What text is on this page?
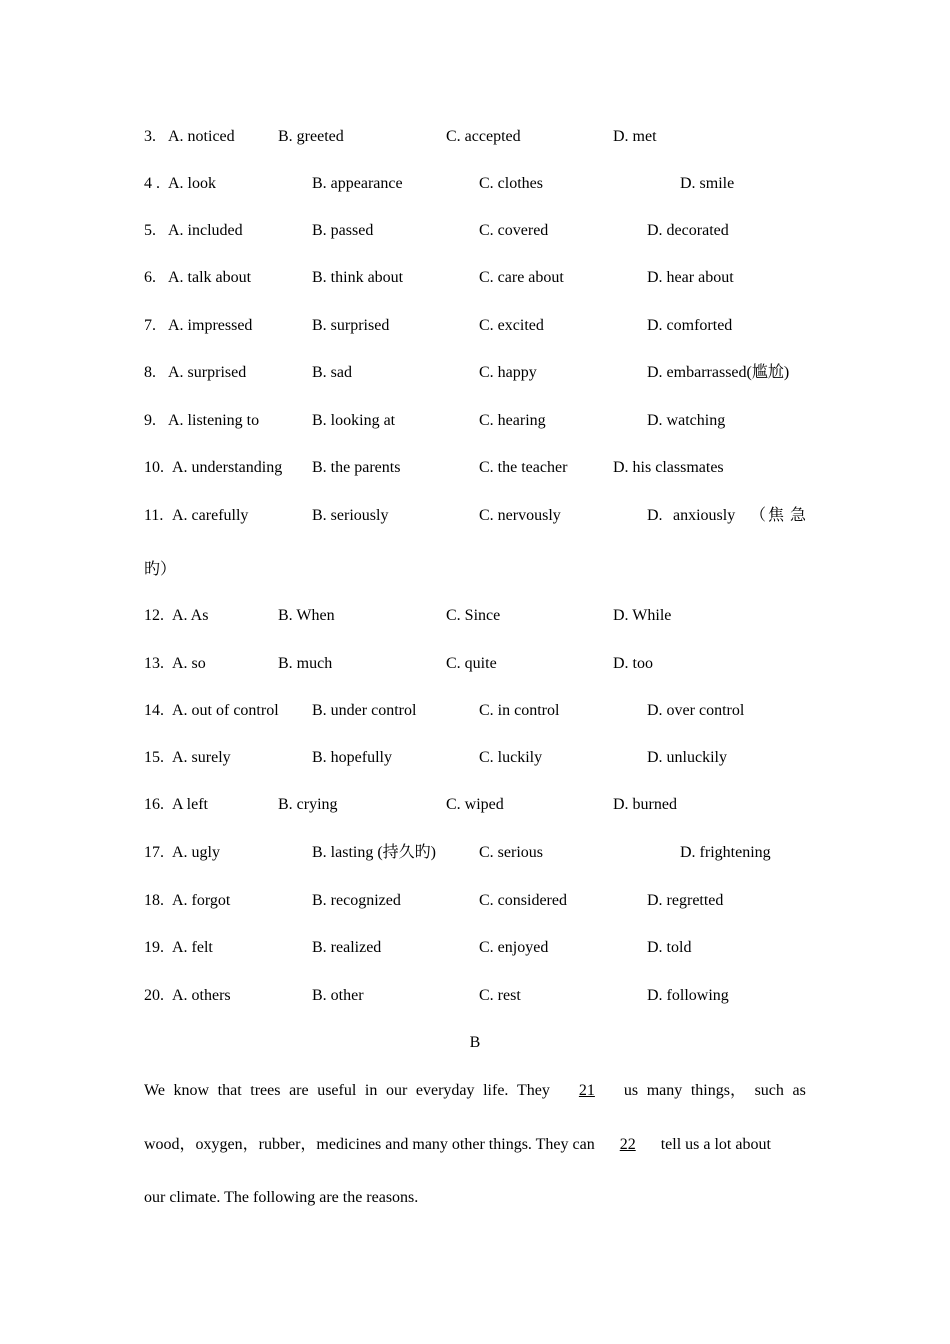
3. A. noticed	B. greeted	C. accepted	D. met
4 . A. look	B. appearance	C. clothes	D. smile
5. A. included	B. passed	C. covered	D. decorated
6. A. talk about	B. think about	C. care about	D. hear about
7. A. impressed	B. surprised	C. excited	D. comforted
8. A. surprised	B. sad	C. happy	D. embarrassed(尴尬)
9. A. listening to	B. looking at	C. hearing	D. watching
10. A. understanding B. the parents	C. the teacher	D. his classmates
11. A. carefully	B. seriously	C. nervously	D. anxiously （ 焦 急
旳）
12. A. As	B. When	C. Since	D. While
13. A. so	B. much	C. quite	D. too
14. A. out of control B. under control	C. in control	D. over control
15. A. surely	B. hopefully	C. luckily	D. unluckily
16. A left	B. crying	C. wiped	D. burned
17. A. ugly	B. lasting (持久旳)	C. serious	D. frightening
18. A. forgot	B. recognized	C. considered	D. regretted
19. A. felt	B. realized	C. enjoyed	D. told
20. A. others	B. other	C. rest	D. following
B
We know that trees are useful in our everyday life. They 21 us many things， such as
wood，oxygen，rubber，medicines and many other things. They can 22 tell us a lot about
our climate. The following are the reasons.
